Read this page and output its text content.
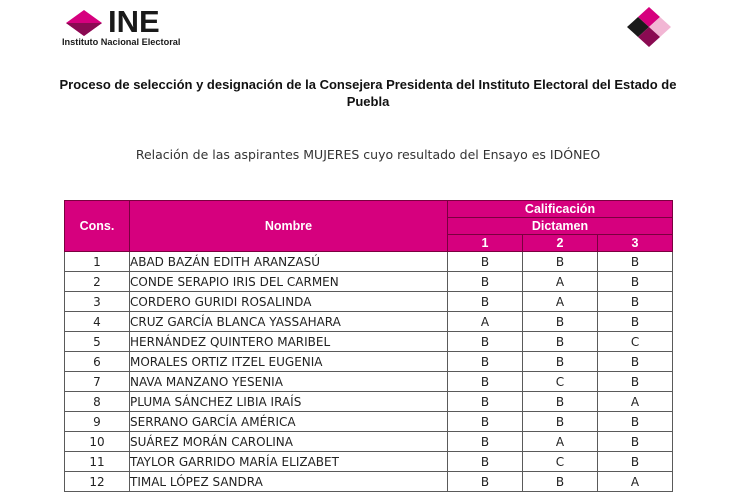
INE
Instituto Nacional Electoral
Proceso de selección y designación de la Consejera Presidenta del Instituto Electoral del Estado de Puebla
Relación de las aspirantes MUJERES cuyo resultado del Ensayo es IDÓNEO
Cons.	Nombre	Calificación		
		Dictamen		
		1	2	3
1	ABAD BAZÁN EDITH ARANZASÚ	B	B	B
2	CONDE SERAPIO IRIS DEL CARMEN	B	A	B
3	CORDERO GURIDI ROSALINDA	B	A	B
4	CRUZ GARCÍA BLANCA YASSAHARA	A	B	B
5	HERNÁNDEZ QUINTERO MARIBEL	B	B	C
6	MORALES ORTIZ ITZEL EUGENIA	B	B	B
7	NAVA MANZANO YESENIA	B	C	B
8	PLUMA SÁNCHEZ LIBIA IRAÍS	B	B	A
9	SERRANO GARCÍA AMÉRICA	B	B	B
10	SUÁREZ MORÁN CAROLINA	B	A	B
11	TAYLOR GARRIDO MARÍA ELIZABET	B	C	B
12	TIMAL LÓPEZ SANDRA	B	B	A
